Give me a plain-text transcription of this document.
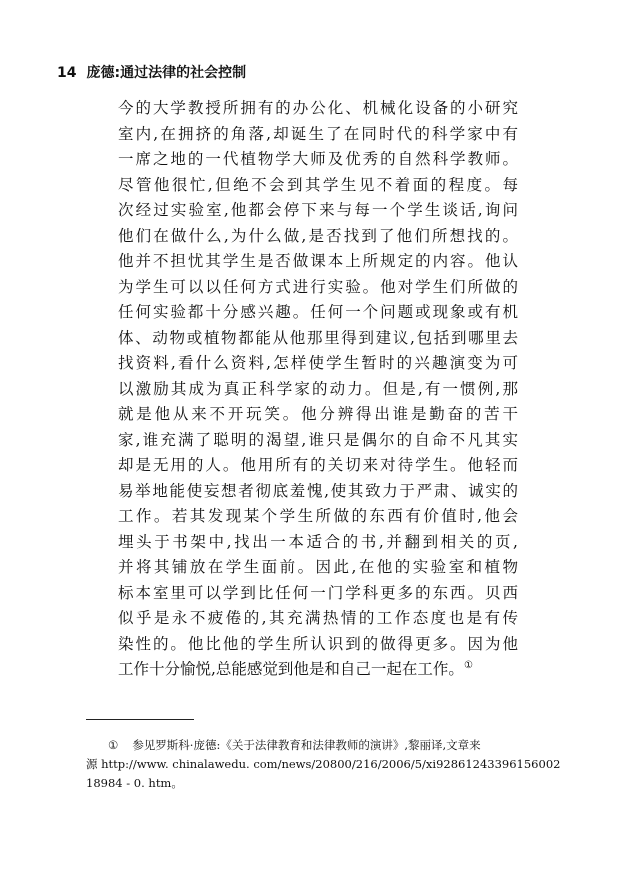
14 庞德:通过法律的社会控制
今的大学教授所拥有的办公化、机械化设备的小研究
室内,在拥挤的角落,却诞生了在同时代的科学家中有
一席之地的一代植物学大师及优秀的自然科学教师。
尽管他很忙,但绝不会到其学生见不着面的程度。每
次经过实验室,他都会停下来与每一个学生谈话,询问
他们在做什么,为什么做,是否找到了他们所想找的。
他并不担忧其学生是否做课本上所规定的内容。他认
为学生可以以任何方式进行实验。他对学生们所做的
任何实验都十分感兴趣。任何一个问题或现象或有机
体、动物或植物都能从他那里得到建议,包括到哪里去
找资料,看什么资料,怎样使学生暂时的兴趣演变为可
以激励其成为真正科学家的动力。但是,有一惯例,那
就是他从来不开玩笑。他分辨得出谁是勤奋的苦干
家,谁充满了聪明的渴望,谁只是偶尔的自命不凡其实
却是无用的人。他用所有的关切来对待学生。他轻而
易举地能使妄想者彻底羞愧,使其致力于严肃、诚实的
工作。若其发现某个学生所做的东西有价值时,他会
埋头于书架中,找出一本适合的书,并翻到相关的页,
并将其铺放在学生面前。因此,在他的实验室和植物
标本室里可以学到比任何一门学科更多的东西。贝西
似乎是永不疲倦的,其充满热情的工作态度也是有传
染性的。他比他的学生所认识到的做得更多。因为他
工作十分愉悦,总能感觉到他是和自己一起在工作。①
① 参见罗斯科·庞德:《关于法律教育和法律教师的演讲》,黎丽译,文章来
源 http://www. chinalawedu. com/news/20800/216/2006/5/xi92861243396156002
18984 - 0. htm。
